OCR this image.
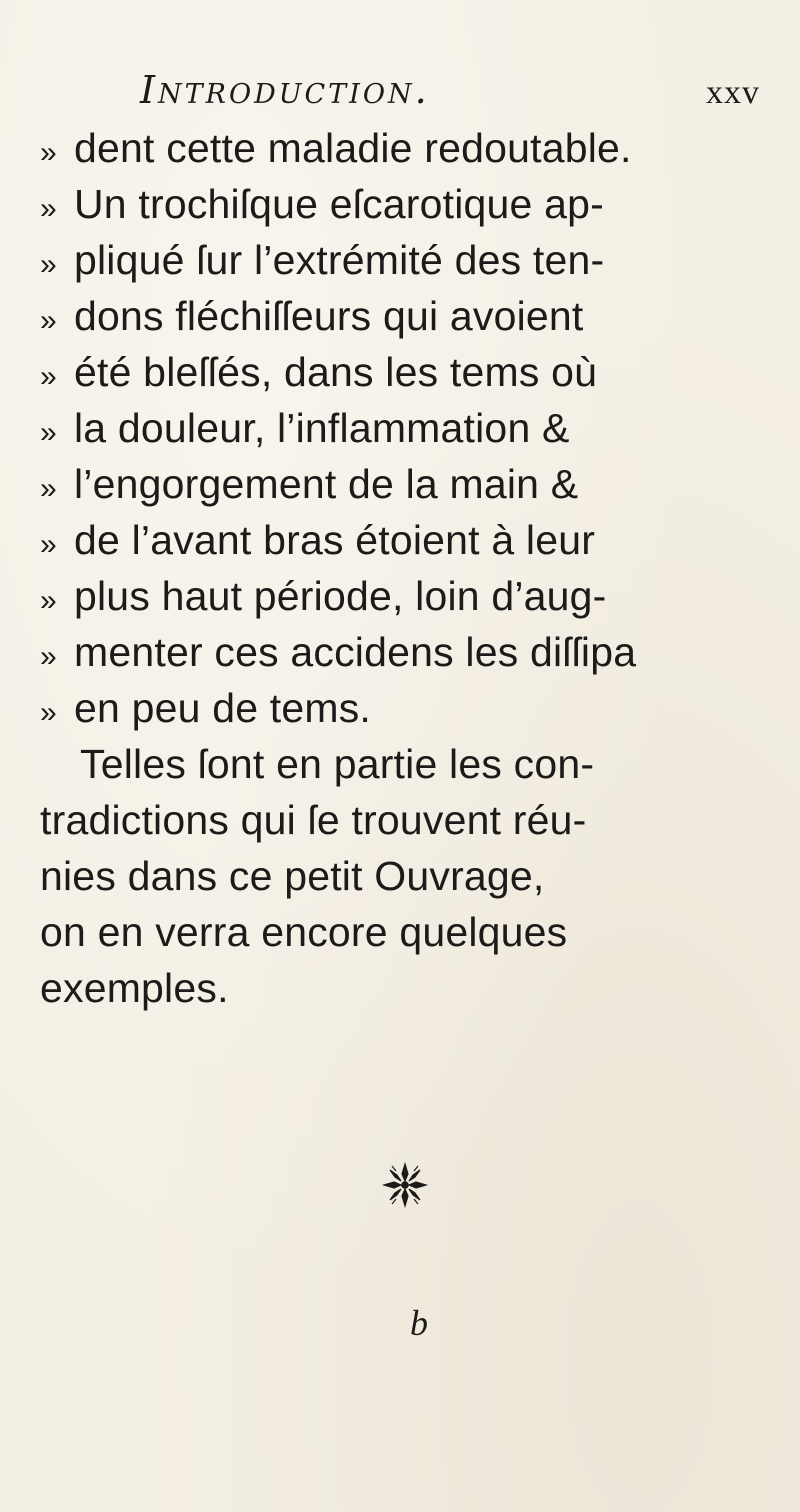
Introduction.	xxv
» dent cette maladie redoutable.
» Un trochiſque eſcarotique ap-
» pliqué ſur l’extrémité des ten-
» dons fléchiſſeurs qui avoient
» été bleſſés, dans les tems où
» la douleur, l’inflammation &
» l’engorgement de la main &
» de l’avant bras étoient à leur
» plus haut période, loin d’aug-
» menter ces accidens les diſſipa
» en peu de tems.
Telles ſont en partie les con-
tradictions qui ſe trouvent réu-
nies dans ce petit Ouvrage,
on en verra encore quelques
exemples.
b
